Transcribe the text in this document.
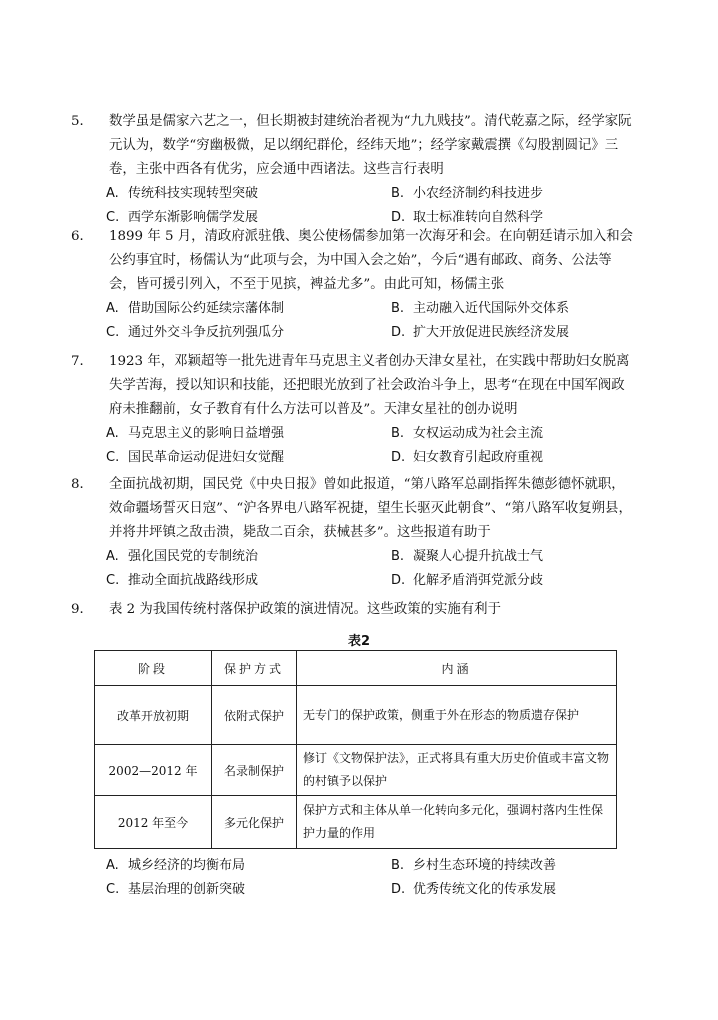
5． 数学虽是儒家六艺之一，但长期被封建统治者视为“九九贱技”。清代乾嘉之际，经学家阮元认为，数学“穷幽极微，足以纲纪群伦，经纬天地”；经学家戴震撰《勾股割圆记》三卷，主张中西各有优劣，应会通中西诸法。这些言行表明

A. 传统科技实现转型突破	B. 小农经济制约科技进步
C. 西学东渐影响儒学发展	D. 取士标准转向自然科学

6． 1899 年 5 月，清政府派驻俄、奥公使杨儒参加第一次海牙和会。在向朝廷请示加入和会公约事宜时，杨儒认为“此项与会，为中国入会之始”，今后“遇有邮政、商务、公法等会，皆可援引列入，不至于见摈，裨益尤多”。由此可知，杨儒主张

A. 借助国际公约延续宗藩体制	B. 主动融入近代国际外交体系
C. 通过外交斗争反抗列强瓜分	D. 扩大开放促进民族经济发展

7． 1923 年，邓颖超等一批先进青年马克思主义者创办天津女星社，在实践中帮助妇女脱离失学苦海，授以知识和技能，还把眼光放到了社会政治斗争上，思考“在现在中国军阀政府未推翻前，女子教育有什么方法可以普及”。天津女星社的创办说明

A. 马克思主义的影响日益增强	B. 女权运动成为社会主流
C. 国民革命运动促进妇女觉醒	D. 妇女教育引起政府重视

8． 全面抗战初期，国民党《中央日报》曾如此报道，“第八路军总副指挥朱德彭德怀就职，效命疆场誓灭日寇”、“沪各界电八路军祝捷，望生长驱灭此朝食”、“第八路军收复朔县，并将井坪镇之敌击溃，毙敌二百余，获械甚多”。这些报道有助于

A. 强化国民党的专制统治	B. 凝聚人心提升抗战士气
C. 推动全面抗战路线形成	D. 化解矛盾消弭党派分歧

9． 表 2 为我国传统村落保护政策的演进情况。这些政策的实施有利于

表2
阶段	保护方式	内涵
改革开放初期	依附式保护	无专门的保护政策，侧重于外在形态的物质遗存保护
2002—2012 年	名录制保护	修订《文物保护法》，正式将具有重大历史价值或丰富文物的村镇予以保护
2012 年至今	多元化保护	保护方式和主体从单一化转向多元化，强调村落内生性保护力量的作用
A. 城乡经济的均衡布局	B. 乡村生态环境的持续改善
C. 基层治理的创新突破	D. 优秀传统文化的传承发展
